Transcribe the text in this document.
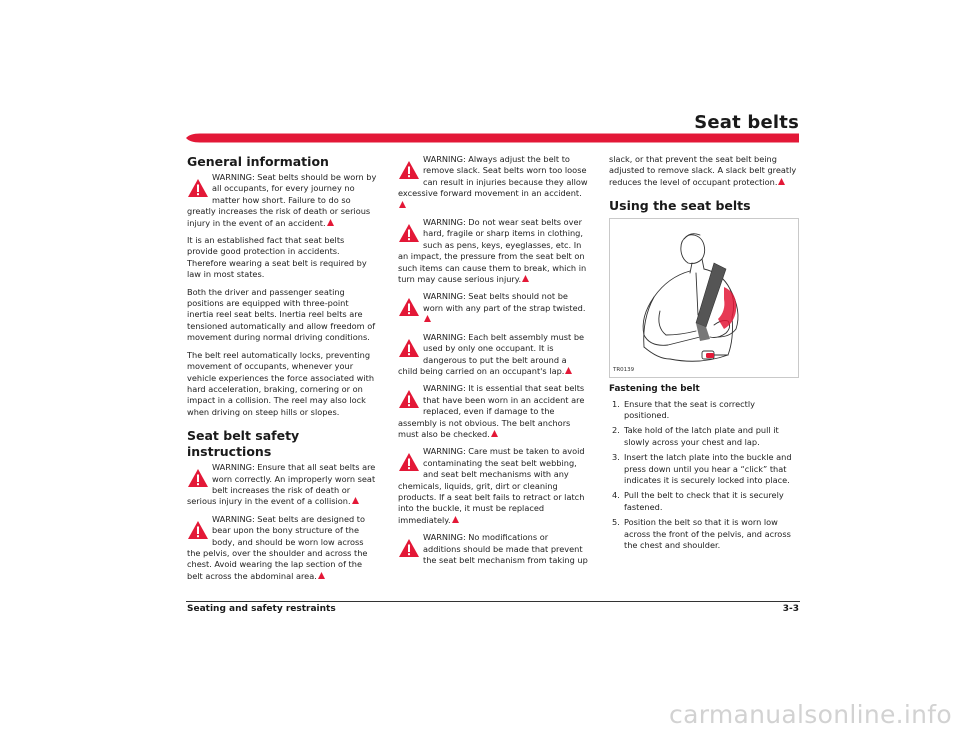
Seat belts
General information
WARNING: Seat belts should be worn by all occupants, for every journey no matter how short. Failure to do so greatly increases the risk of death or serious injury in the event of an accident.

It is an established fact that seat belts provide good protection in accidents. Therefore wearing a seat belt is required by law in most states.

Both the driver and passenger seating positions are equipped with three-point inertia reel seat belts. Inertia reel belts are tensioned automatically and allow freedom of movement during normal driving conditions.

The belt reel automatically locks, preventing movement of occupants, whenever your vehicle experiences the force associated with hard acceleration, braking, cornering or on impact in a collision. The reel may also lock when driving on steep hills or slopes.

Seat belt safety instructions
WARNING: Ensure that all seat belts are worn correctly. An improperly worn seat belt increases the risk of death or serious injury in the event of a collision.
WARNING: Seat belts are designed to bear upon the bony structure of the body, and should be worn low across the pelvis, over the shoulder and across the chest. Avoid wearing the lap section of the belt across the abdominal area.
WARNING: Always adjust the belt to remove slack. Seat belts worn too loose can result in injuries because they allow excessive forward movement in an accident.
WARNING: Do not wear seat belts over hard, fragile or sharp items in clothing, such as pens, keys, eyeglasses, etc. In an impact, the pressure from the seat belt on such items can cause them to break, which in turn may cause serious injury.
WARNING: Seat belts should not be worn with any part of the strap twisted.
WARNING: Each belt assembly must be used by only one occupant. It is dangerous to put the belt around a child being carried on an occupant's lap.
WARNING: It is essential that seat belts that have been worn in an accident are replaced, even if damage to the assembly is not obvious. The belt anchors must also be checked.
WARNING: Care must be taken to avoid contaminating the seat belt webbing, and seat belt mechanisms with any chemicals, liquids, grit, dirt or cleaning products. If a seat belt fails to retract or latch into the buckle, it must be replaced immediately.
WARNING: No modifications or additions should be made that prevent the seat belt mechanism from taking up

slack, or that prevent the seat belt being adjusted to remove slack. A slack belt greatly reduces the level of occupant protection.

Using the seat belts
TR0139
Fastening the belt
1. Ensure that the seat is correctly positioned.
2. Take hold of the latch plate and pull it slowly across your chest and lap.
3. Insert the latch plate into the buckle and press down until you hear a “click” that indicates it is securely locked into place.
4. Pull the belt to check that it is securely fastened.
5. Position the belt so that it is worn low across the front of the pelvis, and across the chest and shoulder.
Seating and safety restraints	3-3
carmanualsonline.info
